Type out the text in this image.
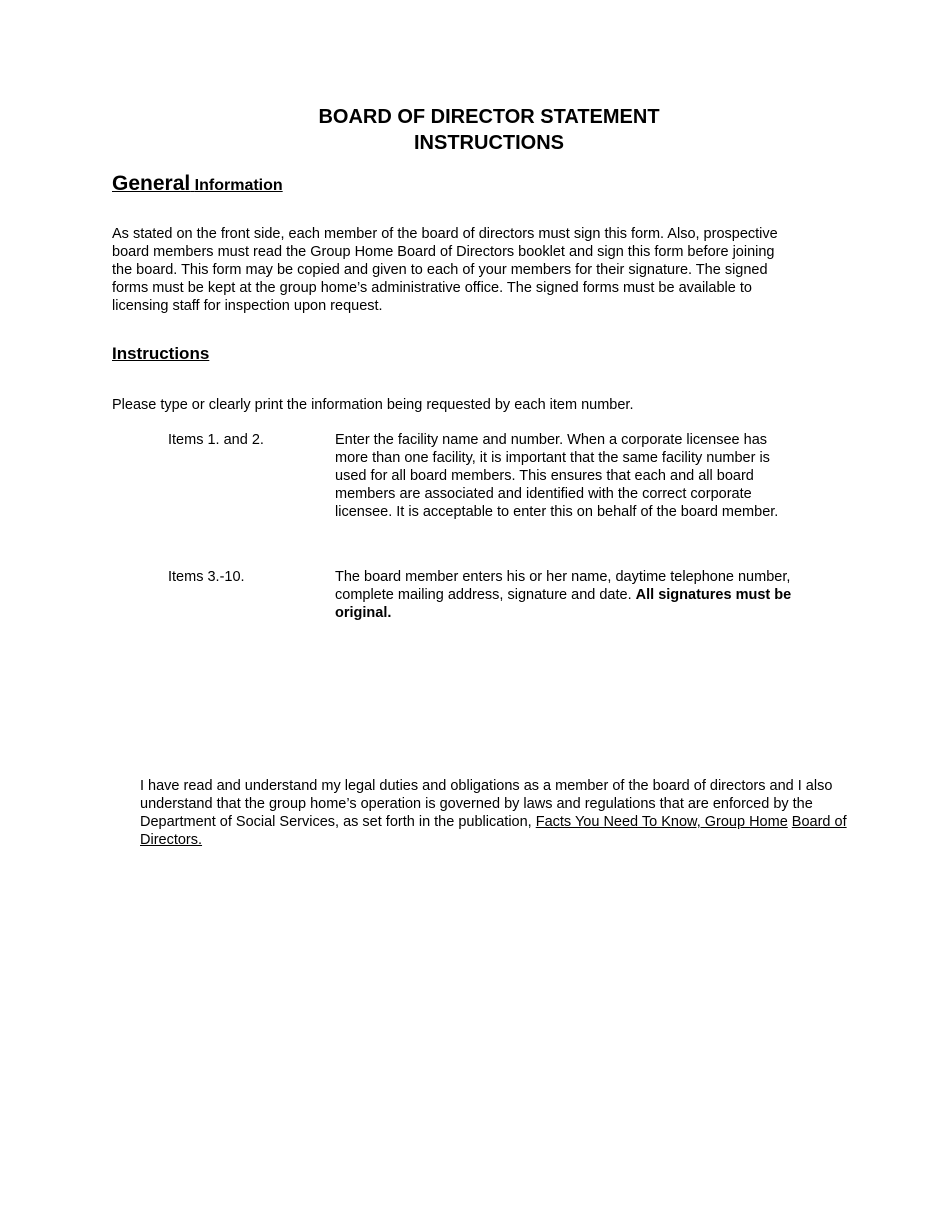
BOARD OF DIRECTOR STATEMENT
INSTRUCTIONS
General Information
As stated on the front side, each member of the board of directors must sign this form. Also, prospective board members must read the Group Home Board of Directors booklet and sign this form before joining the board. This form may be copied and given to each of your members for their signature. The signed forms must be kept at the group home’s administrative office. The signed forms must be available to licensing staff for inspection upon request.
Instructions
Please type or clearly print the information being requested by each item number.
Items 1. and 2.	Enter the facility name and number. When a corporate licensee has more than one facility, it is important that the same facility number is used for all board members. This ensures that each and all board members are associated and identified with the correct corporate licensee. It is acceptable to enter this on behalf of the board member.
Items 3.-10.	The board member enters his or her name, daytime telephone number, complete mailing address, signature and date. All signatures must be original.
I have read and understand my legal duties and obligations as a member of the board of directors and I also understand that the group home’s operation is governed by laws and regulations that are enforced by the Department of Social Services, as set forth in the publication, Facts You Need To Know, Group Home Board of Directors.
